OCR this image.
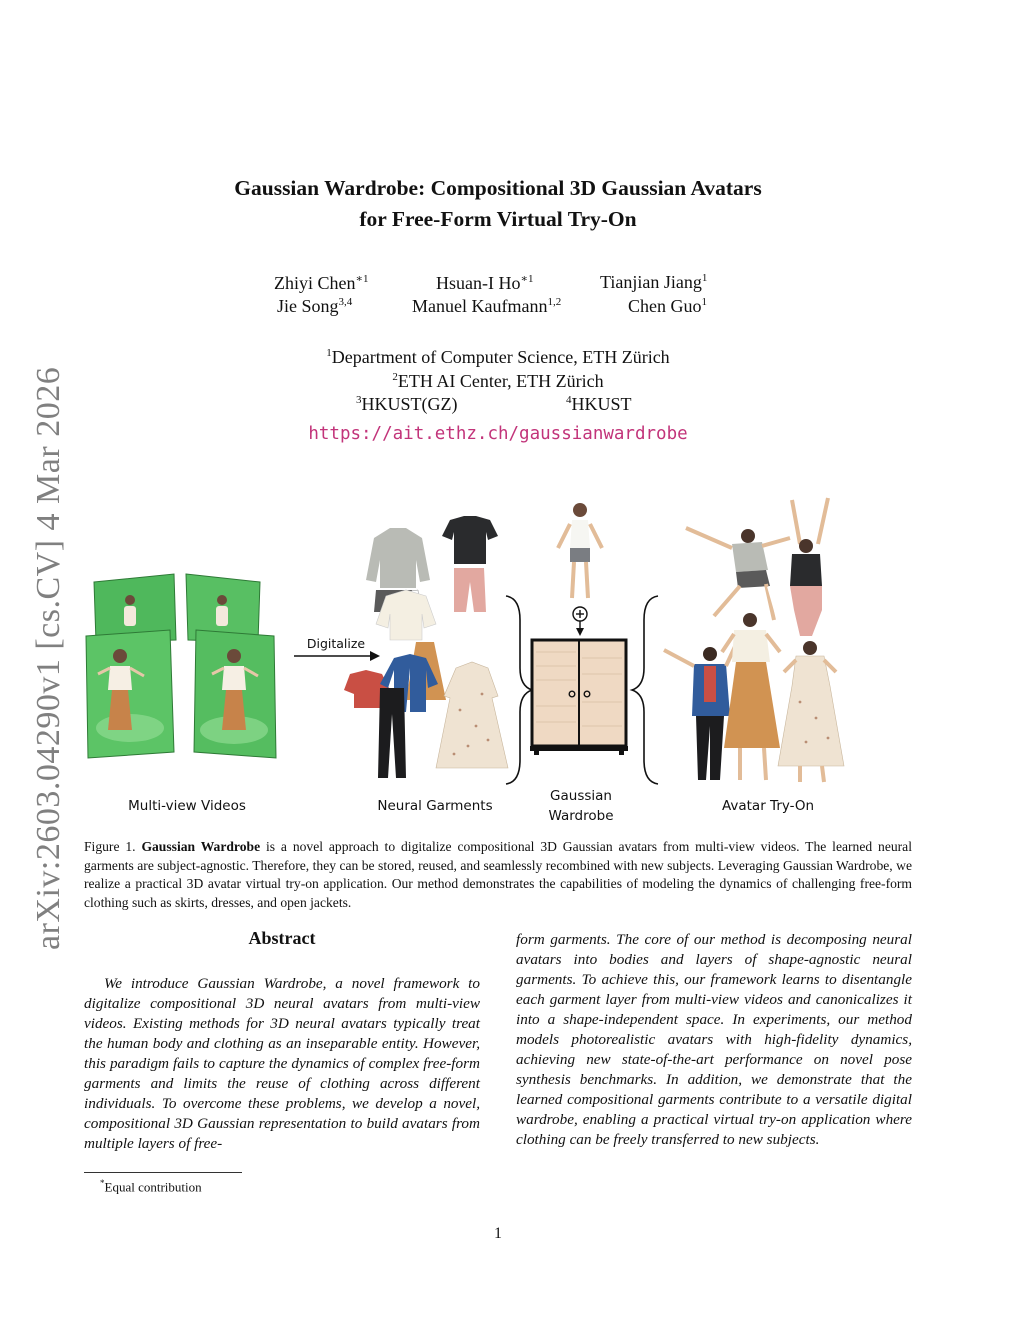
arXiv:2603.04290v1 [cs.CV] 4 Mar 2026
Gaussian Wardrobe: Compositional 3D Gaussian Avatars
for Free-Form Virtual Try-On
Zhiyi Chen$^{∗1}$	Hsuan-I $Ho^{∗1}$	Tianjian Jiang$^1$
Jie Song$^{3,4}$	Manuel Kaufmann$^{1,2}$	Chen Guo$^1$
$^1$Department of Computer Science, ETH Zürich
$^2$ETH AI Center, ETH Zürich
$^3$HKUST(GZ)	$^4$HKUST
https://ait.ethz.ch/gaussianwardrobe
Digitalize
Multi-view Videos	Neural Garments
Gaussian
Wardrobe
Avatar Try-On
Figure 1. Gaussian Wardrobe is a novel approach to digitalize compositional 3D Gaussian avatars from multi-view videos. The learned neural garments are subject-agnostic. Therefore, they can be stored, reused, and seamlessly recombined with new subjects. Leveraging Gaussian Wardrobe, we realize a practical 3D avatar virtual try-on application. Our method demonstrates the capabilities of modeling the dynamics of challenging free-form clothing such as skirts, dresses, and open jackets.
Abstract
We introduce Gaussian Wardrobe, a novel framework to digitalize compositional 3D neural avatars from multi-view videos. Existing methods for 3D neural avatars typically treat the human body and clothing as an inseparable entity. However, this paradigm fails to capture the dynamics of complex free-form garments and limits the reuse of clothing across different individuals. To overcome these problems, we develop a novel, compositional 3D Gaussian representation to build avatars from multiple layers of free-
form garments. The core of our method is decomposing neural avatars into bodies and layers of shape-agnostic neural garments. To achieve this, our framework learns to disentangle each garment layer from multi-view videos and canonicalizes it into a shape-independent space. In experiments, our method models photorealistic avatars with high-fidelity dynamics, achieving new state-of-the-art performance on novel pose synthesis benchmarks. In addition, we demonstrate that the learned compositional garments contribute to a versatile digital wardrobe, enabling a practical virtual try-on application where clothing can be freely transferred to new subjects.
*Equal contribution
1
